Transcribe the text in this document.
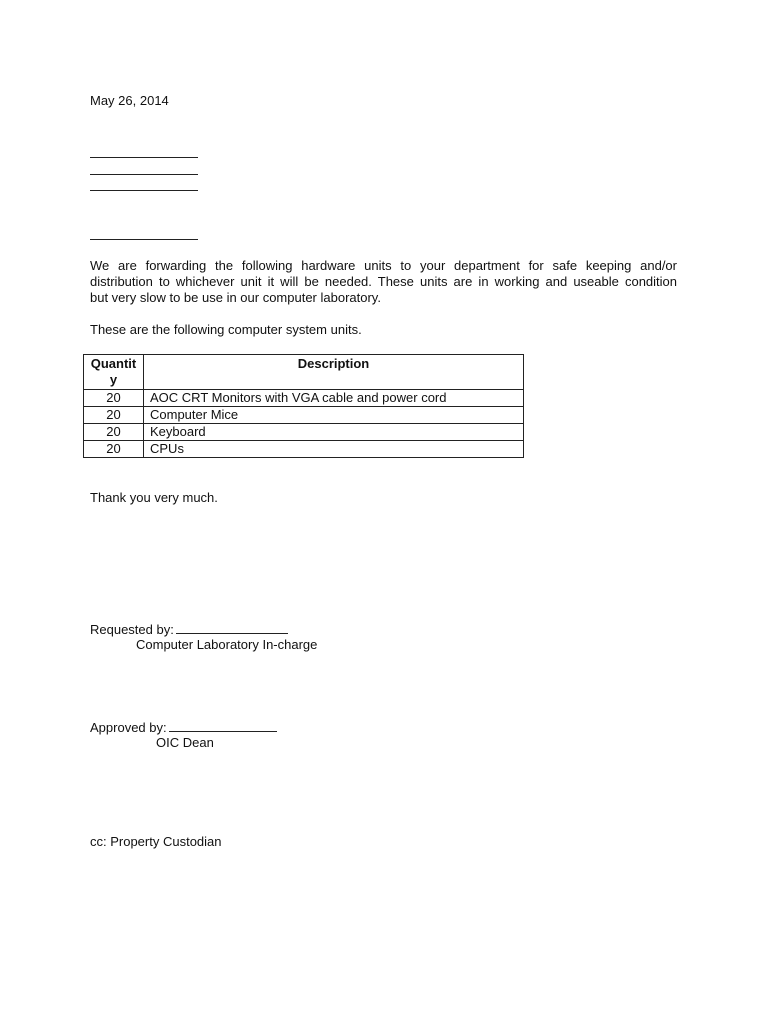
May 26, 2014
We are forwarding the following hardware units to your department for safe keeping and/or
distribution to whichever unit it will be needed. These units are in working and useable condition
but very slow to be use in our computer laboratory.
These are the following computer system units.
Quantity	Description
20	AOC CRT Monitors with VGA cable and power cord
20	Computer Mice
20	Keyboard
20	CPUs
Thank you very much.
Requested by:
Computer Laboratory In-charge
Approved by:
OIC Dean
cc: Property Custodian
